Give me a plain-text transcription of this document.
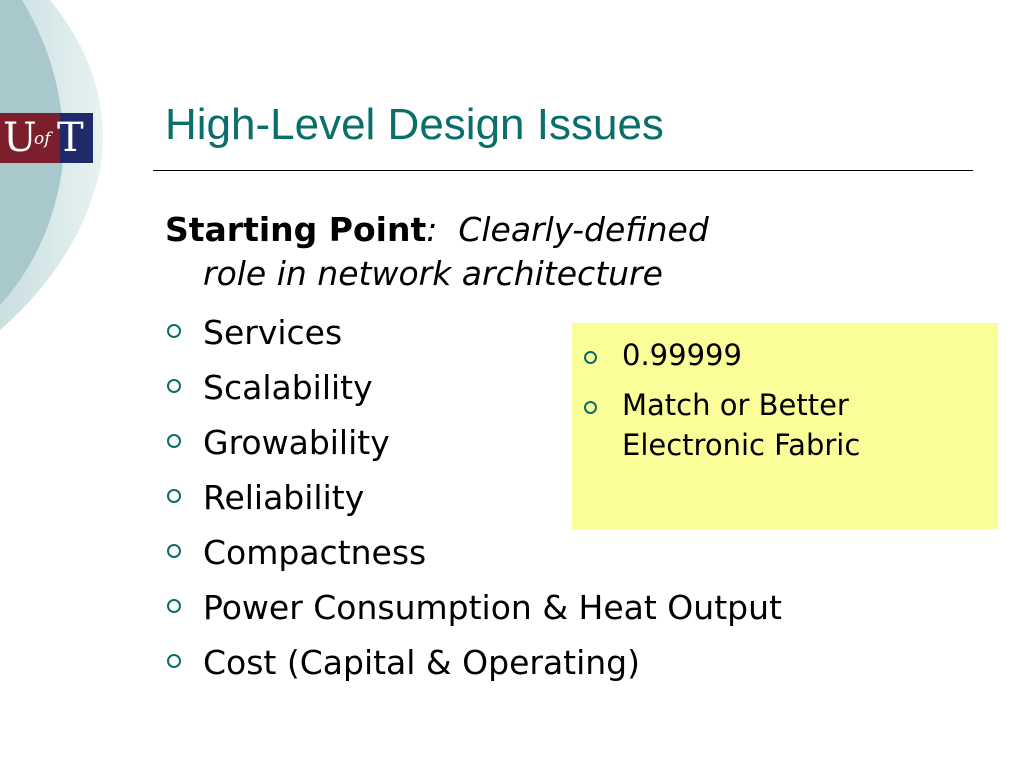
U
of T High-Level Design Issues
Starting Point: Clearly-defined
role in network architecture
Services
Scalability
Growability
Reliability
Compactness
Power Consumption & Heat Output
Cost (Capital & Operating)
0.99999
Match or Better Electronic Fabric
